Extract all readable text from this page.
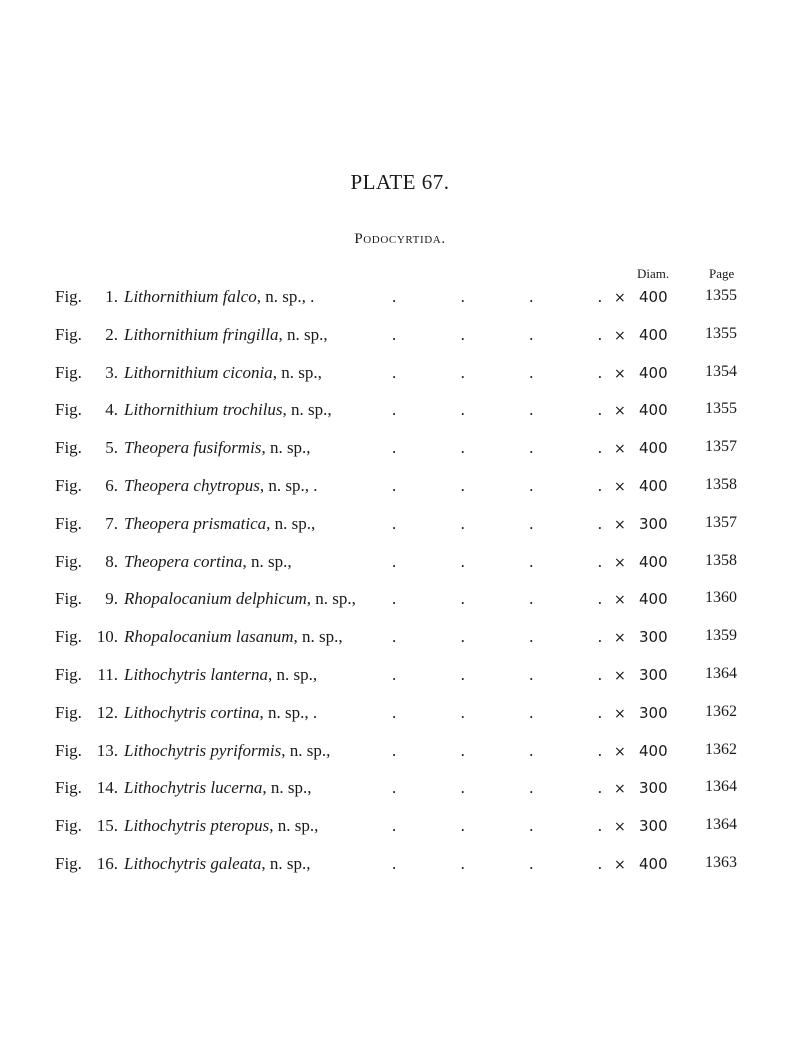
PLATE 67.
Podocyrtida.
Diam.	Page
Fig.	1. Lithornithium falco, n. sp., .	.	.	.	. × 400 1355
Fig.	2. Lithornithium fringilla, n. sp.,	.	.	.	. × 400 1355
Fig.	3. Lithornithium ciconia, n. sp.,	.	.	.	. × 400 1354
Fig.	4. Lithornithium trochilus, n. sp.,	.	.	.	. × 400 1355
Fig.	5. Theopera fusiformis, n. sp.,	.	.	.	. × 400 1357
Fig.	6. Theopera chytropus, n. sp., .	.	.	.	. × 400 1358
Fig.	7. Theopera prismatica, n. sp.,	.	.	.	. × 300 1357
Fig.	8. Theopera cortina, n. sp.,	.	.	.	. × 400 1358
Fig.	9. Rhopalocanium delphicum, n. sp., .	.	.	. × 400 1360
Fig. 10. Rhopalocanium lasanum, n. sp.,	.	.	.	. × 300 1359
Fig. 11. Lithochytris lanterna, n. sp.,	.	.	.	. × 300 1364
Fig. 12. Lithochytris cortina, n. sp., .	.	.	.	. × 300 1362
Fig. 13. Lithochytris pyriformis, n. sp.,	.	.	.	. × 400 1362
Fig. 14. Lithochytris lucerna, n. sp.,	.	.	.	. × 300 1364
Fig. 15. Lithochytris pteropus, n. sp.,	.	.	.	. × 300 1364
Fig. 16. Lithochytris galeata, n. sp.,	.	.	.	. × 400 1363
